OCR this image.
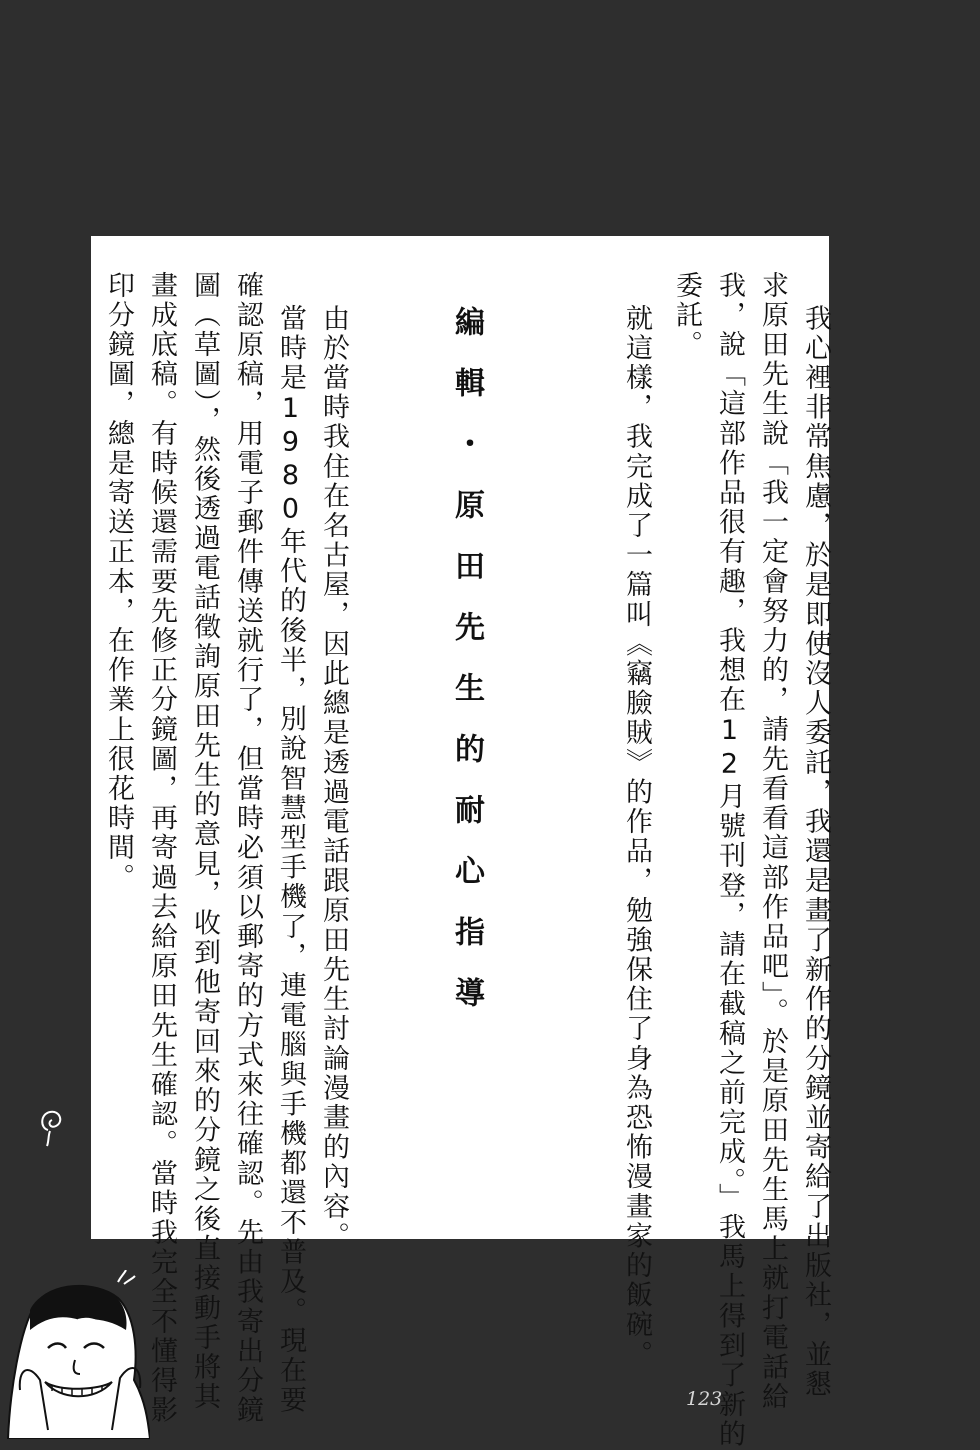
我心裡非常焦慮，於是即使沒人委託，我還是畫了新作的分鏡並寄給了出版社，並懇
求原田先生說「我一定會努力的，請先看看這部作品吧」。於是原田先生馬上就打電話給
我，說「這部作品很有趣，我想在12月號刊登，請在截稿之前完成。」我馬上得到了新的
委託。
就這樣，我完成了一篇叫《竊臉賊》的作品，勉強保住了身為恐怖漫畫家的飯碗。
編輯・原田先生的耐心指導
由於當時我住在名古屋，因此總是透過電話跟原田先生討論漫畫的內容。
當時是1980年代的後半，別說智慧型手機了，連電腦與手機都還不普及。現在要
確認原稿，用電子郵件傳送就行了，但當時必須以郵寄的方式來往確認。先由我寄出分鏡
圖（草圖），然後透過電話徵詢原田先生的意見，收到他寄回來的分鏡之後直接動手將其
畫成底稿。有時候還需要先修正分鏡圖，再寄過去給原田先生確認。當時我完全不懂得影
印分鏡圖，總是寄送正本，在作業上很花時間。
123
